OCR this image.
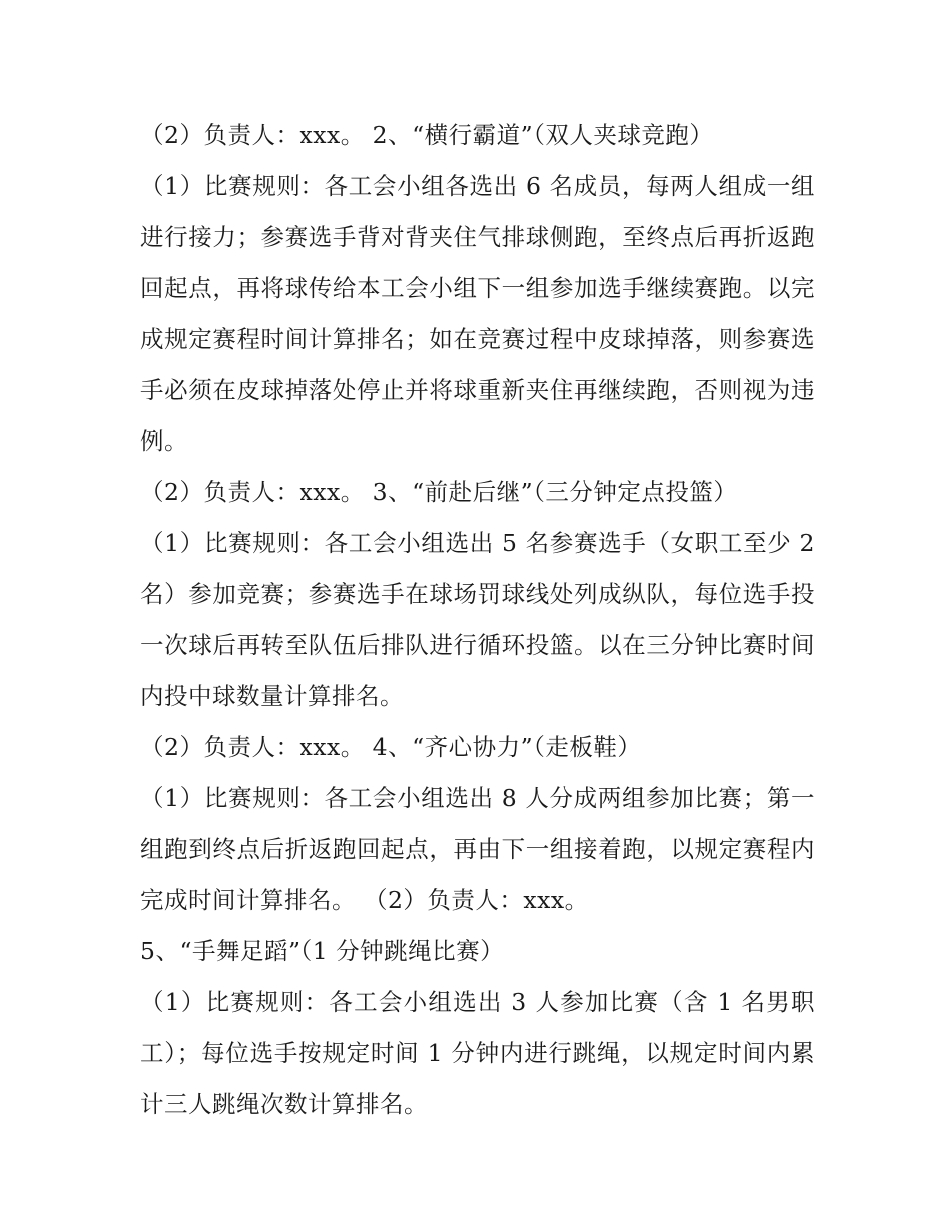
（2）负责人：xxx。 2、“横行霸道”（双人夹球竞跑）

（1）比赛规则：各工会小组各选出 6 名成员，每两人组成一组进行接力；参赛选手背对背夹住气排球侧跑，至终点后再折返跑回起点，再将球传给本工会小组下一组参加选手继续赛跑。以完成规定赛程时间计算排名；如在竞赛过程中皮球掉落，则参赛选手必须在皮球掉落处停止并将球重新夹住再继续跑，否则视为违例。

（2）负责人：xxx。 3、“前赴后继”（三分钟定点投篮）

（1）比赛规则：各工会小组选出 5 名参赛选手（女职工至少 2 名）参加竞赛；参赛选手在球场罚球线处列成纵队，每位选手投一次球后再转至队伍后排队进行循环投篮。以在三分钟比赛时间内投中球数量计算排名。

（2）负责人：xxx。 4、“齐心协力”（走板鞋）

（1）比赛规则：各工会小组选出 8 人分成两组参加比赛；第一组跑到终点后折返跑回起点，再由下一组接着跑，以规定赛程内完成时间计算排名。 （2）负责人：xxx。

5、“手舞足蹈”（1 分钟跳绳比赛）

（1）比赛规则：各工会小组选出 3 人参加比赛（含 1 名男职工）；每位选手按规定时间 1 分钟内进行跳绳，以规定时间内累计三人跳绳次数计算排名。
